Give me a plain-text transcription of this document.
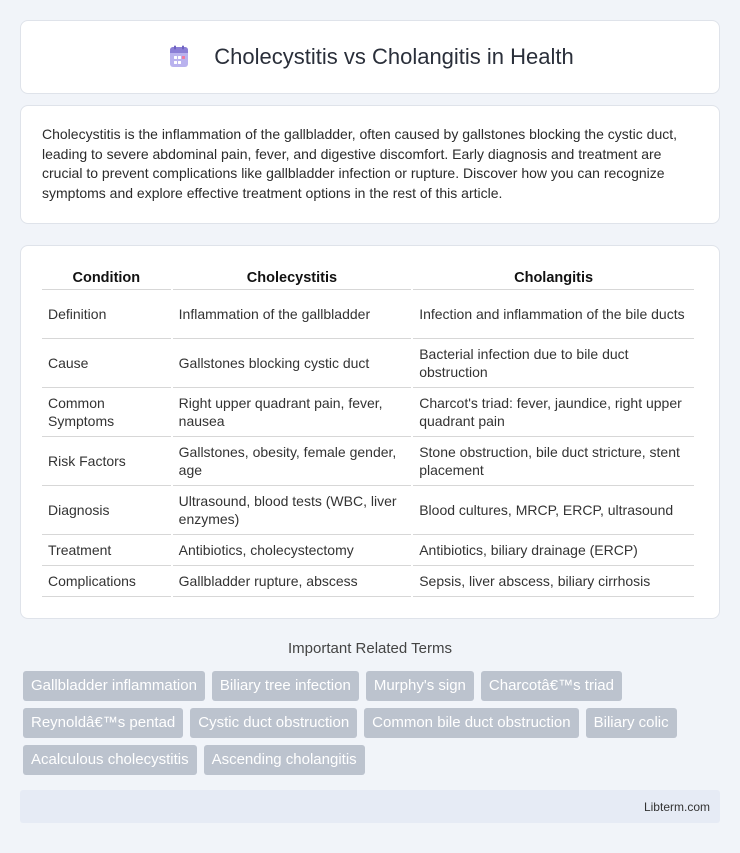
Cholecystitis vs Cholangitis in Health

Cholecystitis is the inflammation of the gallbladder, often caused by gallstones blocking the cystic duct, leading to severe abdominal pain, fever, and digestive discomfort. Early diagnosis and treatment are crucial to prevent complications like gallbladder infection or rupture. Discover how you can recognize symptoms and explore effective treatment options in the rest of this article.

Condition	Cholecystitis	Cholangitis
Definition	Inflammation of the gallbladder	Infection and inflammation of the bile ducts
Cause	Gallstones blocking cystic duct	Bacterial infection due to bile duct obstruction
Common Symptoms	Right upper quadrant pain, fever, nausea	Charcot's triad: fever, jaundice, right upper quadrant pain
Risk Factors	Gallstones, obesity, female gender, age	Stone obstruction, bile duct stricture, stent placement
Diagnosis	Ultrasound, blood tests (WBC, liver enzymes)	Blood cultures, MRCP, ERCP, ultrasound
Treatment	Antibiotics, cholecystectomy	Antibiotics, biliary drainage (ERCP)
Complications	Gallbladder rupture, abscess	Sepsis, liver abscess, biliary cirrhosis
Important Related Terms
Gallbladder inflammation	Biliary tree infection	Murphy's sign	Charcotâ€™s triad
Reynoldâ€™s pentad	Cystic duct obstruction	Common bile duct obstruction	Biliary colic
Acalculous cholecystitis	Ascending cholangitis
Libterm.com
